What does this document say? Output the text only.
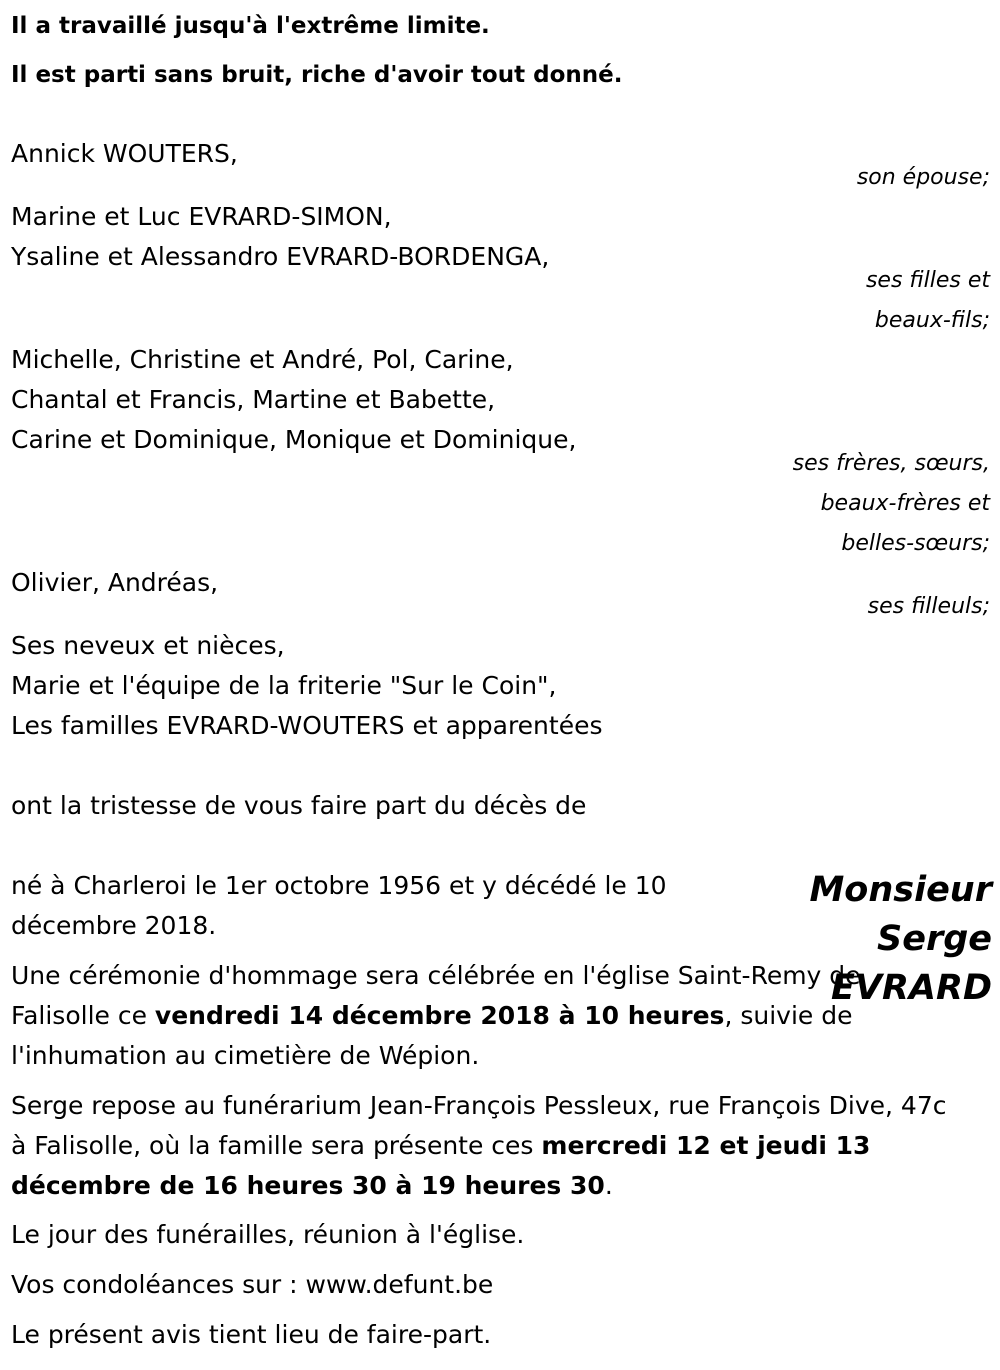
Il a travaillé jusqu'à l'extrême limite.

Il est parti sans bruit, riche d'avoir tout donné.

Annick WOUTERS,

son épouse;

Marine et Luc EVRARD-SIMON,

Ysaline et Alessandro EVRARD-BORDENGA,

ses filles et

beaux-fils;

Michelle, Christine et André, Pol, Carine,

Chantal et Francis, Martine et Babette,

Carine et Dominique, Monique et Dominique,

ses frères, sœurs,

beaux-frères et

belles-sœurs;

Olivier, Andréas,

ses filleuls;

Ses neveux et nièces,

Marie et l'équipe de la friterie "Sur le Coin",

Les familles EVRARD-WOUTERS et apparentées

ont la tristesse de vous faire part du décès de

Monsieur
Serge
EVRARD

né à Charleroi le 1er octobre 1956 et y décédé le 10 décembre 2018.

Une cérémonie d'hommage sera célébrée en l'église Saint-Remy de Falisolle ce vendredi 14 décembre 2018 à 10 heures, suivie de l'inhumation au cimetière de Wépion.

Serge repose au funérarium Jean-François Pessleux, rue François Dive, 47c à Falisolle, où la famille sera présente ces mercredi 12 et jeudi 13 décembre de 16 heures 30 à 19 heures 30.

Le jour des funérailles, réunion à l'église.

Vos condoléances sur : www.defunt.be

Le présent avis tient lieu de faire-part.
